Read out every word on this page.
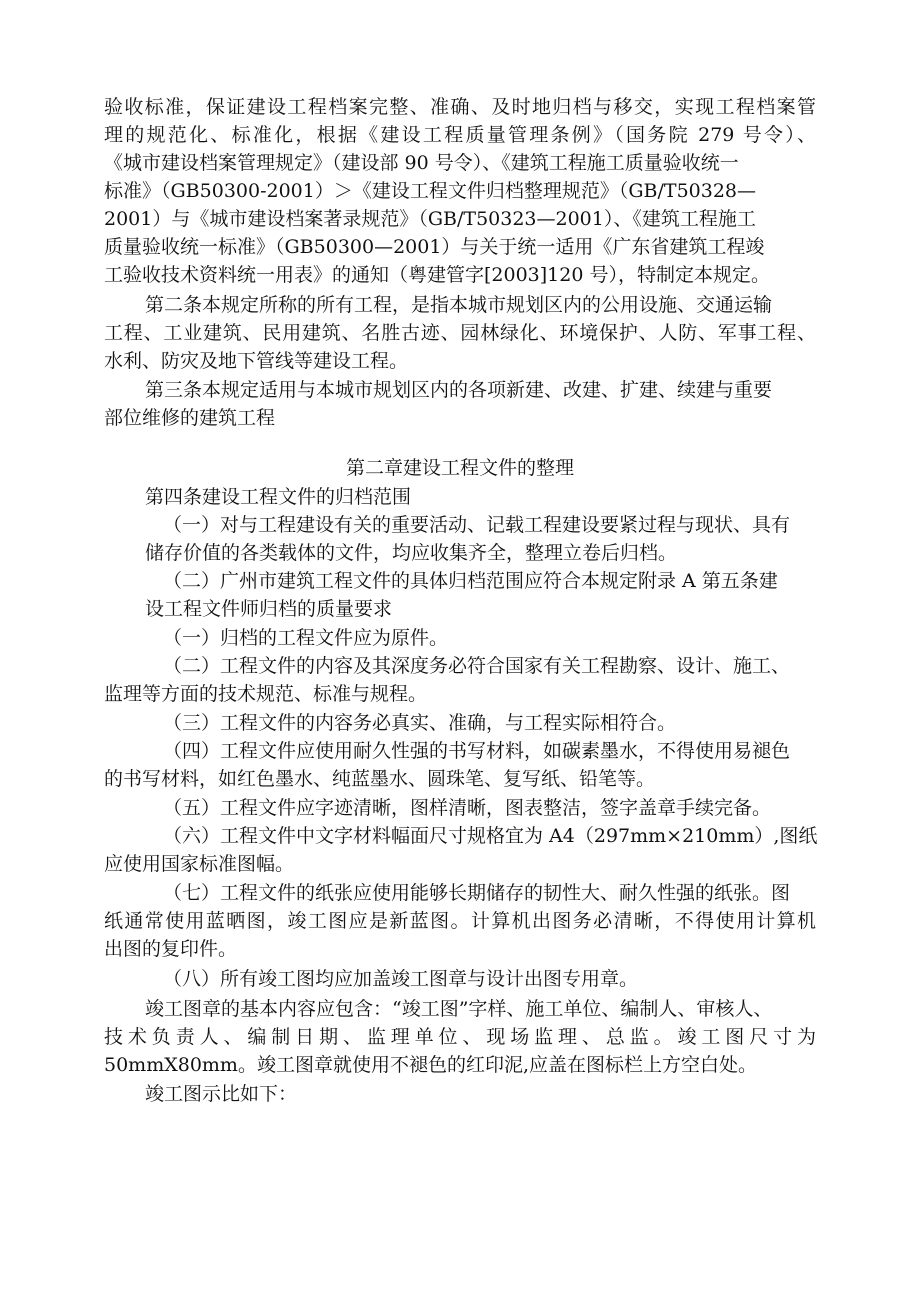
验收标准，保证建设工程档案完整、准确、及时地归档与移交，实现工程档案管
理的规范化、标准化，根据《建设工程质量管理条例》（国务院 279 号令）、
《城市建设档案管理规定》（建设部 90 号令）、《建筑工程施工质量验收统一
标准》（GB50300-2001）＞《建设工程文件归档整理规范》（GB/T50328—
2001）与《城市建设档案著录规范》（GB/T50323—2001）、《建筑工程施工
质量验收统一标准》（GB50300—2001）与关于统一适用《广东省建筑工程竣
工验收技术资料统一用表》的通知（粤建管字[2003]120 号），特制定本规定。
第二条本规定所称的所有工程，是指本城市规划区内的公用设施、交通运输
工程、工业建筑、民用建筑、名胜古迹、园林绿化、环境保护、人防、军事工程、
水利、防灾及地下管线等建设工程。
第三条本规定适用与本城市规划区内的各项新建、改建、扩建、续建与重要
部位维修的建筑工程
第二章建设工程文件的整理
第四条建设工程文件的归档范围
（一）对与工程建设有关的重要活动、记载工程建设要紧过程与现状、具有
储存价值的各类载体的文件，均应收集齐全，整理立卷后归档。
（二）广州市建筑工程文件的具体归档范围应符合本规定附录 A 第五条建
设工程文件师归档的质量要求
（一）归档的工程文件应为原件。
（二）工程文件的内容及其深度务必符合国家有关工程勘察、设计、施工、
监理等方面的技术规范、标准与规程。
（三）工程文件的内容务必真实、准确，与工程实际相符合。
（四）工程文件应使用耐久性强的书写材料，如碳素墨水，不得使用易褪色
的书写材料，如红色墨水、纯蓝墨水、圆珠笔、复写纸、铅笔等。
（五）工程文件应字迹清晰，图样清晰，图表整洁，签字盖章手续完备。
（六）工程文件中文字材料幅面尺寸规格宜为 A4（297mm×210mm）,图纸
应使用国家标准图幅。
（七）工程文件的纸张应使用能够长期储存的韧性大、耐久性强的纸张。图
纸通常使用蓝晒图，竣工图应是新蓝图。计算机出图务必清晰，不得使用计算机
出图的复印件。
（八）所有竣工图均应加盖竣工图章与设计出图专用章。
竣工图章的基本内容应包含：“竣工图”字样、施工单位、编制人、审核人、
技术负责人、编制日期、监理单位、现场监理、总监。竣工图尺寸为
50mmX80mm。竣工图章就使用不褪色的红印泥,应盖在图标栏上方空白处。
竣工图示比如下：
